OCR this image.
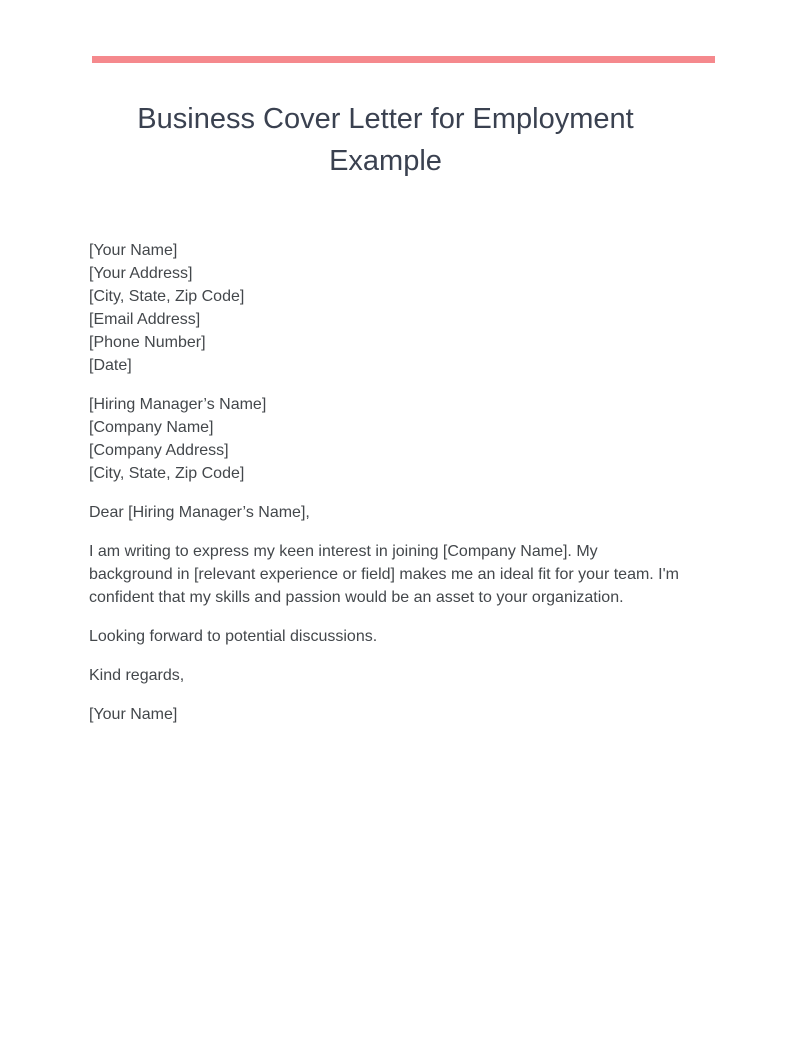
Business Cover Letter for Employment Example

[Your Name]
[Your Address]
[City, State, Zip Code]
[Email Address]
[Phone Number]
[Date]

[Hiring Manager’s Name]
[Company Name]
[Company Address]
[City, State, Zip Code]

Dear [Hiring Manager’s Name],

I am writing to express my keen interest in joining [Company Name]. My background in [relevant experience or field] makes me an ideal fit for your team. I'm confident that my skills and passion would be an asset to your organization.

Looking forward to potential discussions.

Kind regards,

[Your Name]
